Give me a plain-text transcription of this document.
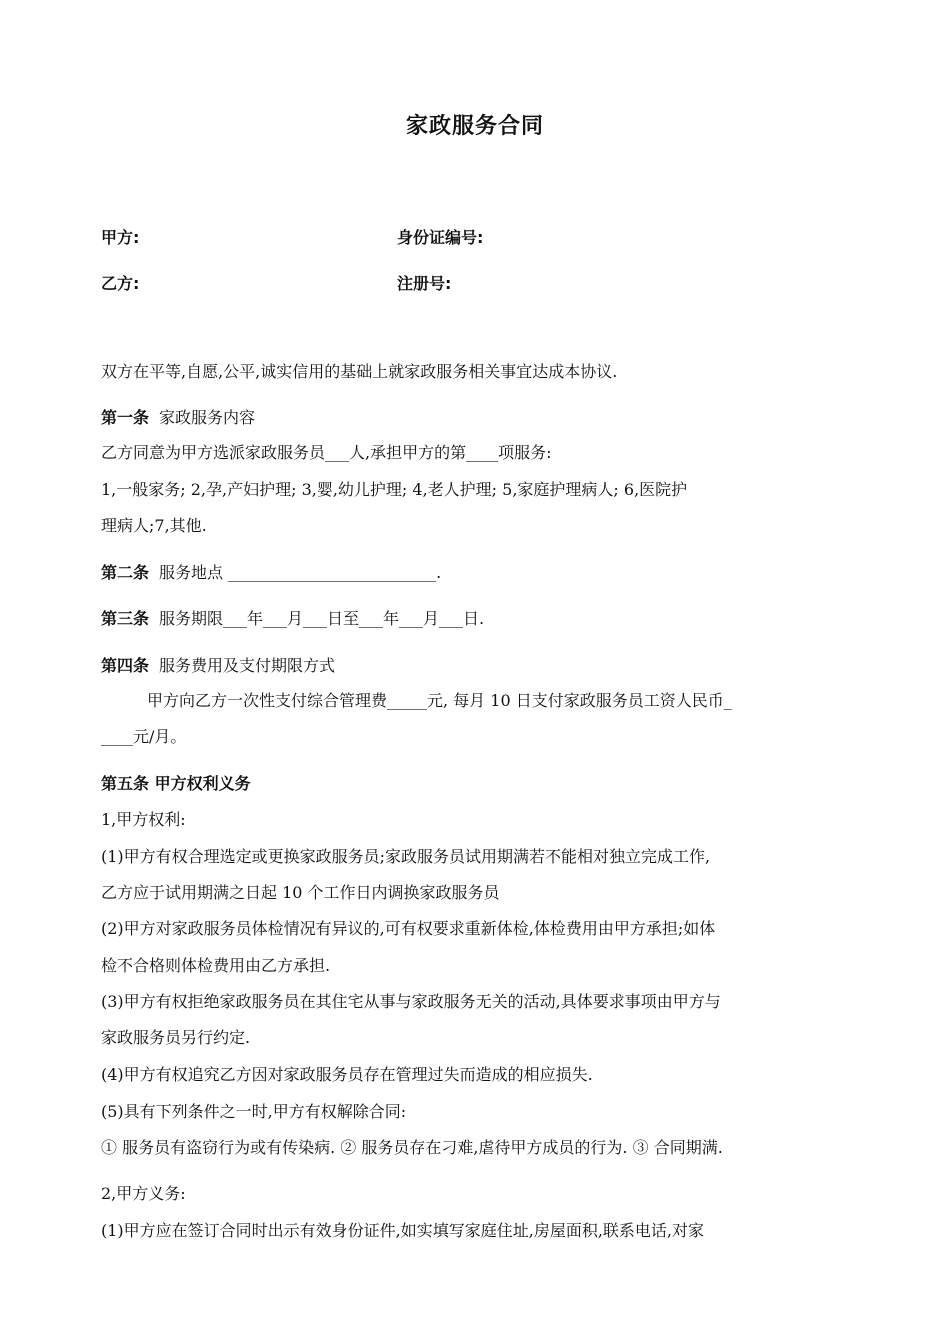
家政服务合同
甲方:	身份证编号:
乙方:	注册号:
双方在平等,自愿,公平,诚实信用的基础上就家政服务相关事宜达成本协议.
第一条 家政服务内容
乙方同意为甲方选派家政服务员___人,承担甲方的第____项服务:
1,一般家务; 2,孕,产妇护理; 3,婴,幼儿护理; 4,老人护理; 5,家庭护理病人; 6,医院护
理病人;7,其他.
第二条 服务地点 __________________________.
第三条 服务期限___年___月___日至___年___月___日.
第四条 服务费用及支付期限方式
甲方向乙方一次性支付综合管理费_____元, 每月 10 日支付家政服务员工资人民币_
____元/月。
第五条 甲方权利义务
1,甲方权利:
(1)甲方有权合理选定或更换家政服务员;家政服务员试用期满若不能相对独立完成工作,
乙方应于试用期满之日起 10 个工作日内调换家政服务员
(2)甲方对家政服务员体检情况有异议的,可有权要求重新体检,体检费用由甲方承担;如体
检不合格则体检费用由乙方承担.
(3)甲方有权拒绝家政服务员在其住宅从事与家政服务无关的活动,具体要求事项由甲方与
家政服务员另行约定.
(4)甲方有权追究乙方因对家政服务员存在管理过失而造成的相应损失.
(5)具有下列条件之一时,甲方有权解除合同:
① 服务员有盗窃行为或有传染病. ② 服务员存在刁难,虐待甲方成员的行为. ③ 合同期满.
2,甲方义务:
(1)甲方应在签订合同时出示有效身份证件,如实填写家庭住址,房屋面积,联系电话,对家
